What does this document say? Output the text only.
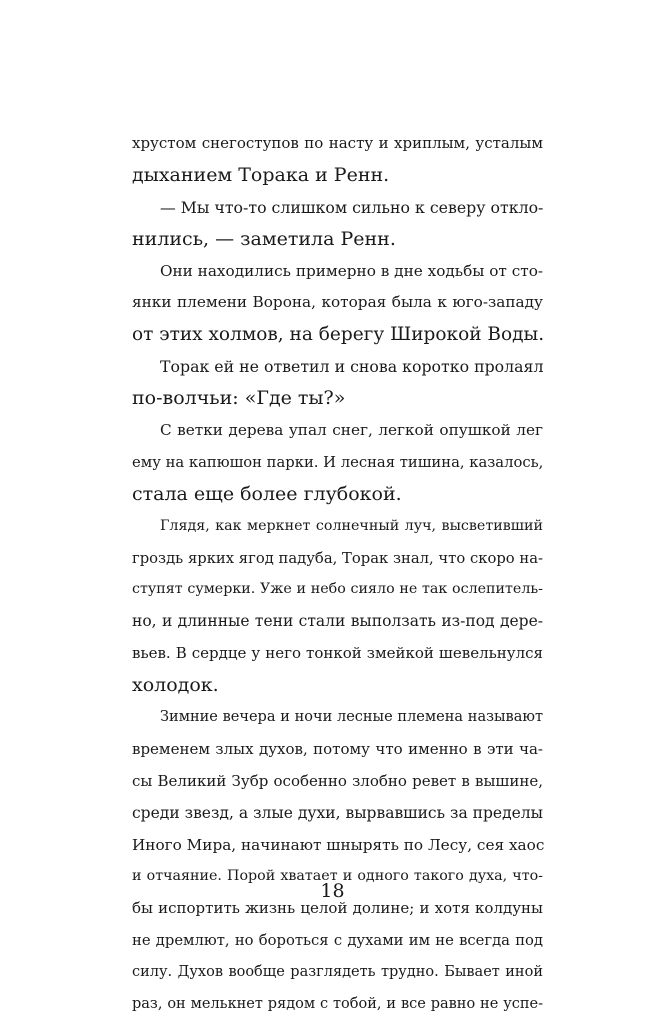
хрустом снегоступов по насту и хриплым, усталым
дыханием Торака и Ренн.
— Мы что-то слишком сильно к северу откло-
нились, — заметила Ренн.
Они находились примерно в дне ходьбы от сто-
янки племени Ворона, которая была к юго-западу
от этих холмов, на берегу Широкой Воды.
Торак ей не ответил и снова коротко пролаял
по-волчьи: «Где ты?»
С ветки дерева упал снег, легкой опушкой лег
ему на капюшон парки. И лесная тишина, казалось,
стала еще более глубокой.
Глядя, как меркнет солнечный луч, высветивший
гроздь ярких ягод падуба, Торак знал, что скоро на-
ступят сумерки. Уже и небо сияло не так ослепитель-
но, и длинные тени стали выползать из-под дере-
вьев. В сердце у него тонкой змейкой шевельнулся
холодок.
Зимние вечера и ночи лесные племена называют
временем злых духов, потому что именно в эти ча-
сы Великий Зубр особенно злобно ревет в вышине,
среди звезд, а злые духи, вырвавшись за пределы
Иного Мира, начинают шнырять по Лесу, сея хаос
и отчаяние. Порой хватает и одного такого духа, что-
бы испортить жизнь целой долине; и хотя колдуны
не дремлют, но бороться с духами им не всегда под
силу. Духов вообще разглядеть трудно. Бывает иной
раз, он мелькнет рядом с тобой, и все равно не успе-
18
